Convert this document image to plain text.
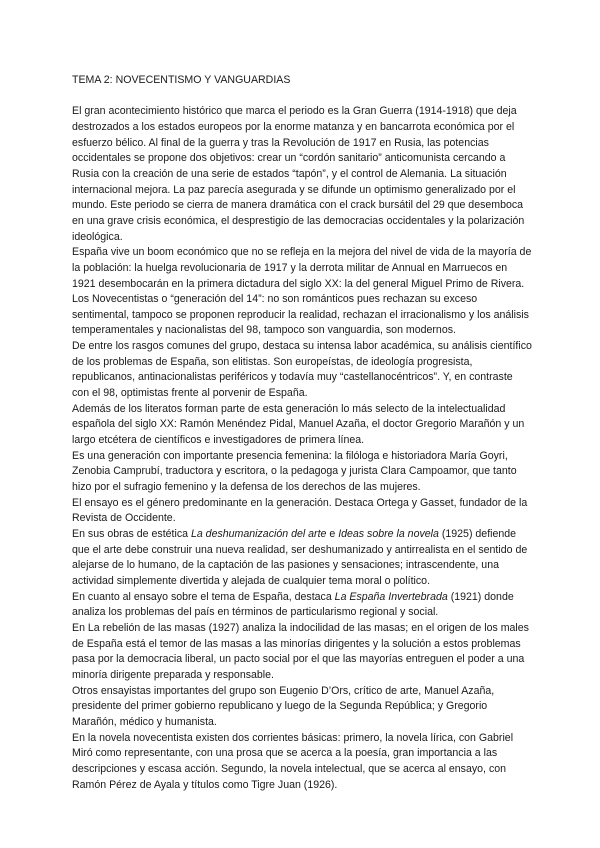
TEMA 2: NOVECENTISMO Y VANGUARDIAS

El gran acontecimiento histórico que marca el periodo es la Gran Guerra (1914-1918) que deja destrozados a los estados europeos por la enorme matanza y en bancarrota económica por el esfuerzo bélico. Al final de la guerra y tras la Revolución de 1917 en Rusia, las potencias occidentales se propone dos objetivos: crear un “cordón sanitario” anticomunista cercando a Rusia con la creación de una serie de estados “tapón”, y el control de Alemania. La situación internacional mejora. La paz parecía asegurada y se difunde un optimismo generalizado por el mundo. Este periodo se cierra de manera dramática con el crack bursátil del 29 que desemboca en una grave crisis económica, el desprestigio de las democracias occidentales y la polarización ideológica.

España vive un boom económico que no se refleja en la mejora del nivel de vida de la mayoría de la población: la huelga revolucionaria de 1917 y la derrota militar de Annual en Marruecos en 1921 desembocarán en la primera dictadura del siglo XX: la del general Miguel Primo de Rivera.

Los Novecentistas o “generación del 14”: no son románticos pues rechazan su exceso sentimental, tampoco se proponen reproducir la realidad, rechazan el irracionalismo y los análisis temperamentales y nacionalistas del 98, tampoco son vanguardia, son modernos.

De entre los rasgos comunes del grupo, destaca su intensa labor académica, su análisis científico de los problemas de España, son elitistas. Son europeístas, de ideología progresista, republicanos, antinacionalistas periféricos y todavía muy “castellanocéntricos”. Y, en contraste con el 98, optimistas frente al porvenir de España.

Además de los literatos forman parte de esta generación lo más selecto de la intelectualidad española del siglo XX: Ramón Menéndez Pidal, Manuel Azaña, el doctor Gregorio Marañón y un largo etcétera de científicos e investigadores de primera línea.

Es una generación con importante presencia femenina: la filóloga e historiadora María Goyri, Zenobia Camprubí, traductora y escritora, o la pedagoga y jurista Clara Campoamor, que tanto hizo por el sufragio femenino y la defensa de los derechos de las mujeres.

El ensayo es el género predominante en la generación. Destaca Ortega y Gasset, fundador de la Revista de Occidente.

En sus obras de estética La deshumanización del arte e Ideas sobre la novela (1925) defiende que el arte debe construir una nueva realidad, ser deshumanizado y antirrealista en el sentido de alejarse de lo humano, de la captación de las pasiones y sensaciones; intrascendente, una actividad simplemente divertida y alejada de cualquier tema moral o político.

En cuanto al ensayo sobre el tema de España, destaca La España Invertebrada (1921) donde analiza los problemas del país en términos de particularismo regional y social.

En La rebelión de las masas (1927) analiza la indocilidad de las masas; en el origen de los males de España está el temor de las masas a las minorías dirigentes y la solución a estos problemas pasa por la democracia liberal, un pacto social por el que las mayorías entreguen el poder a una minoría dirigente preparada y responsable.

Otros ensayistas importantes del grupo son Eugenio D’Ors, crítico de arte, Manuel Azaña, presidente del primer gobierno republicano y luego de la Segunda República; y Gregorio Marañón, médico y humanista.

En la novela novecentista existen dos corrientes básicas: primero, la novela lírica, con Gabriel Miró como representante, con una prosa que se acerca a la poesía, gran importancia a las descripciones y escasa acción. Segundo, la novela intelectual, que se acerca al ensayo, con Ramón Pérez de Ayala y títulos como Tigre Juan (1926).
